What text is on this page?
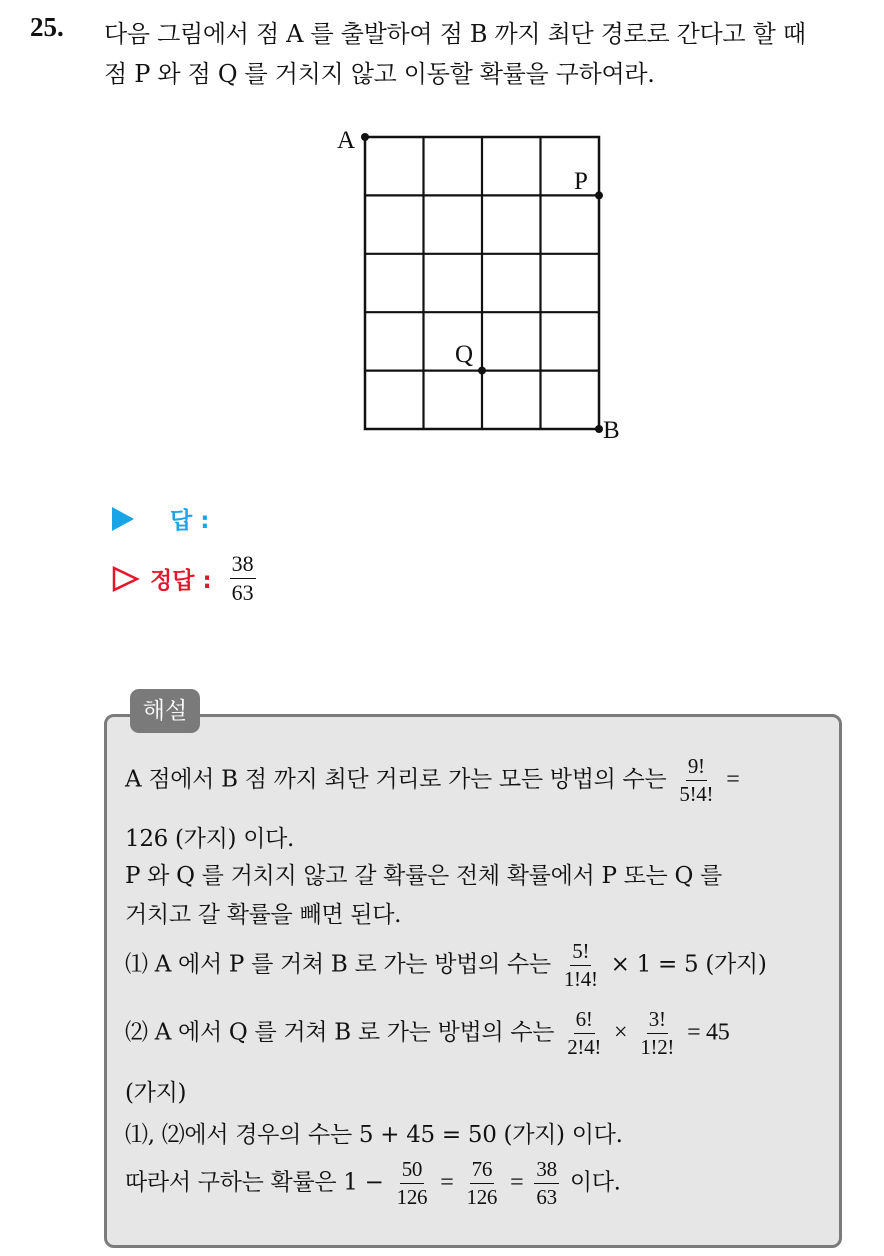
25. 다음 그림에서 점 A 를 출발하여 점 B 까지 최단 경로로 간다고 할 때
점 P 와 점 Q 를 거치지 않고 이동할 확률을 구하여라.
A
P
Q
B
답 :
정답 : $\frac{38}{63}$
해설
A 점에서 B 점 까지 최단 거리로 가는 모든 방법의 수는 $\frac{9!}{5!4!}$ =
126 (가지) 이다.
P 와 Q 를 거치지 않고 갈 확률은 전체 확률에서 P 또는 Q 를
거치고 갈 확률을 빼면 된다.
⑴ A 에서 P 를 거쳐 B 로 가는 방법의 수는 $\frac{5!}{1!4!} \times 1 = 5$ (가지)
⑵ A 에서 Q 를 거쳐 B 로 가는 방법의 수는 $\frac{6!}{2!4!} \times \frac{3!}{1!2!} = 45$
(가지)
⑴, ⑵에서 경우의 수는 5 + 45 = 50 (가지) 이다.
따라서 구하는 확률은 $1 - \frac{50}{126} = \frac{76}{126} = \frac{38}{63}$ 이다.
